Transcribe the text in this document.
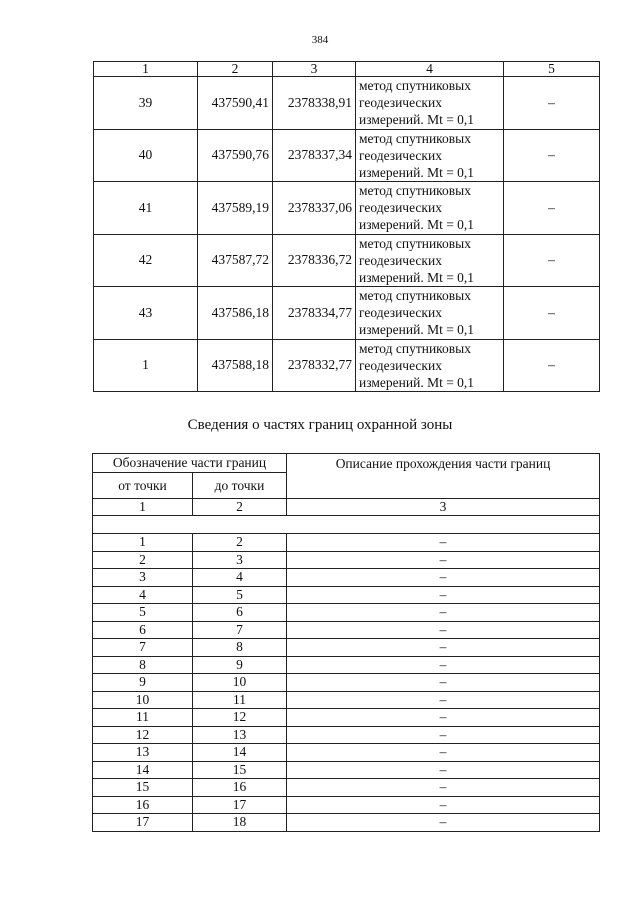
384
1	2	3	4	5
39	437590,41	2378338,91	метод спутниковых
геодезических
измерений. Mt = 0,1	–
40	437590,76	2378337,34	метод спутниковых
геодезических
измерений. Mt = 0,1	–
41	437589,19	2378337,06	метод спутниковых
геодезических
измерений. Mt = 0,1	–
42	437587,72	2378336,72	метод спутниковых
геодезических
измерений. Mt = 0,1	–
43	437586,18	2378334,77	метод спутниковых
геодезических
измерений. Mt = 0,1	–
1	437588,18	2378332,77	метод спутниковых
геодезических
измерений. Mt = 0,1	–
Сведения о частях границ охранной зоны
Обозначение части границ		Описание прохождения части границ
от точки	до точки	
1	2	3

1	2	–
2	3	–
3	4	–
4	5	–
5	6	–
6	7	–
7	8	–
8	9	–
9	10	–
10	11	–
11	12	–
12	13	–
13	14	–
14	15	–
15	16	–
16	17	–
17	18	–
